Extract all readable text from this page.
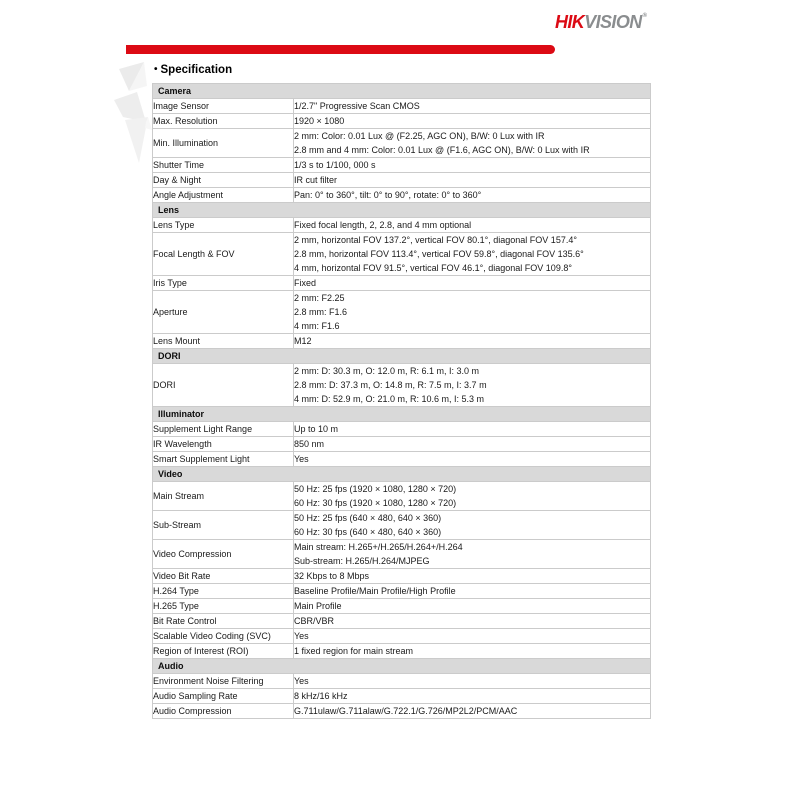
HIKVISION®
• Specification
Camera	

Image Sensor	1/2.7" Progressive Scan CMOS

Max. Resolution	1920 × 1080

Min. Illumination	2 mm: Color: 0.01 Lux @ (F2.25, AGC ON), B/W: 0 Lux with IR
2.8 mm and 4 mm: Color: 0.01 Lux @ (F1.6, AGC ON), B/W: 0 Lux with IR

Shutter Time	1/3 s to 1/100, 000 s

Day & Night	IR cut filter

Angle Adjustment	Pan: 0° to 360°, tilt: 0° to 90°, rotate: 0° to 360°

Lens	

Lens Type	Fixed focal length, 2, 2.8, and 4 mm optional

Focal Length & FOV	2 mm, horizontal FOV 137.2°, vertical FOV 80.1°, diagonal FOV 157.4°
2.8 mm, horizontal FOV 113.4°, vertical FOV 59.8°, diagonal FOV 135.6°
4 mm, horizontal FOV 91.5°, vertical FOV 46.1°, diagonal FOV 109.8°

Iris Type	Fixed

Aperture	2 mm: F2.25
2.8 mm: F1.6
4 mm: F1.6

Lens Mount	M12

DORI	

DORI	2 mm: D: 30.3 m, O: 12.0 m, R: 6.1 m, I: 3.0 m
2.8 mm: D: 37.3 m, O: 14.8 m, R: 7.5 m, I: 3.7 m
4 mm: D: 52.9 m, O: 21.0 m, R: 10.6 m, I: 5.3 m

Illuminator	

Supplement Light Range	Up to 10 m

IR Wavelength	850 nm

Smart Supplement Light	Yes

Video	

Main Stream	50 Hz: 25 fps (1920 × 1080, 1280 × 720)
60 Hz: 30 fps (1920 × 1080, 1280 × 720)

Sub-Stream	50 Hz: 25 fps (640 × 480, 640 × 360)
60 Hz: 30 fps (640 × 480, 640 × 360)

Video Compression	Main stream: H.265+/H.265/H.264+/H.264
Sub-stream: H.265/H.264/MJPEG

Video Bit Rate	32 Kbps to 8 Mbps

H.264 Type	Baseline Profile/Main Profile/High Profile

H.265 Type	Main Profile

Bit Rate Control	CBR/VBR

Scalable Video Coding (SVC)	Yes

Region of Interest (ROI)	1 fixed region for main stream

Audio	

Environment Noise Filtering	Yes

Audio Sampling Rate	8 kHz/16 kHz

Audio Compression	G.711ulaw/G.711alaw/G.722.1/G.726/MP2L2/PCM/AAC
